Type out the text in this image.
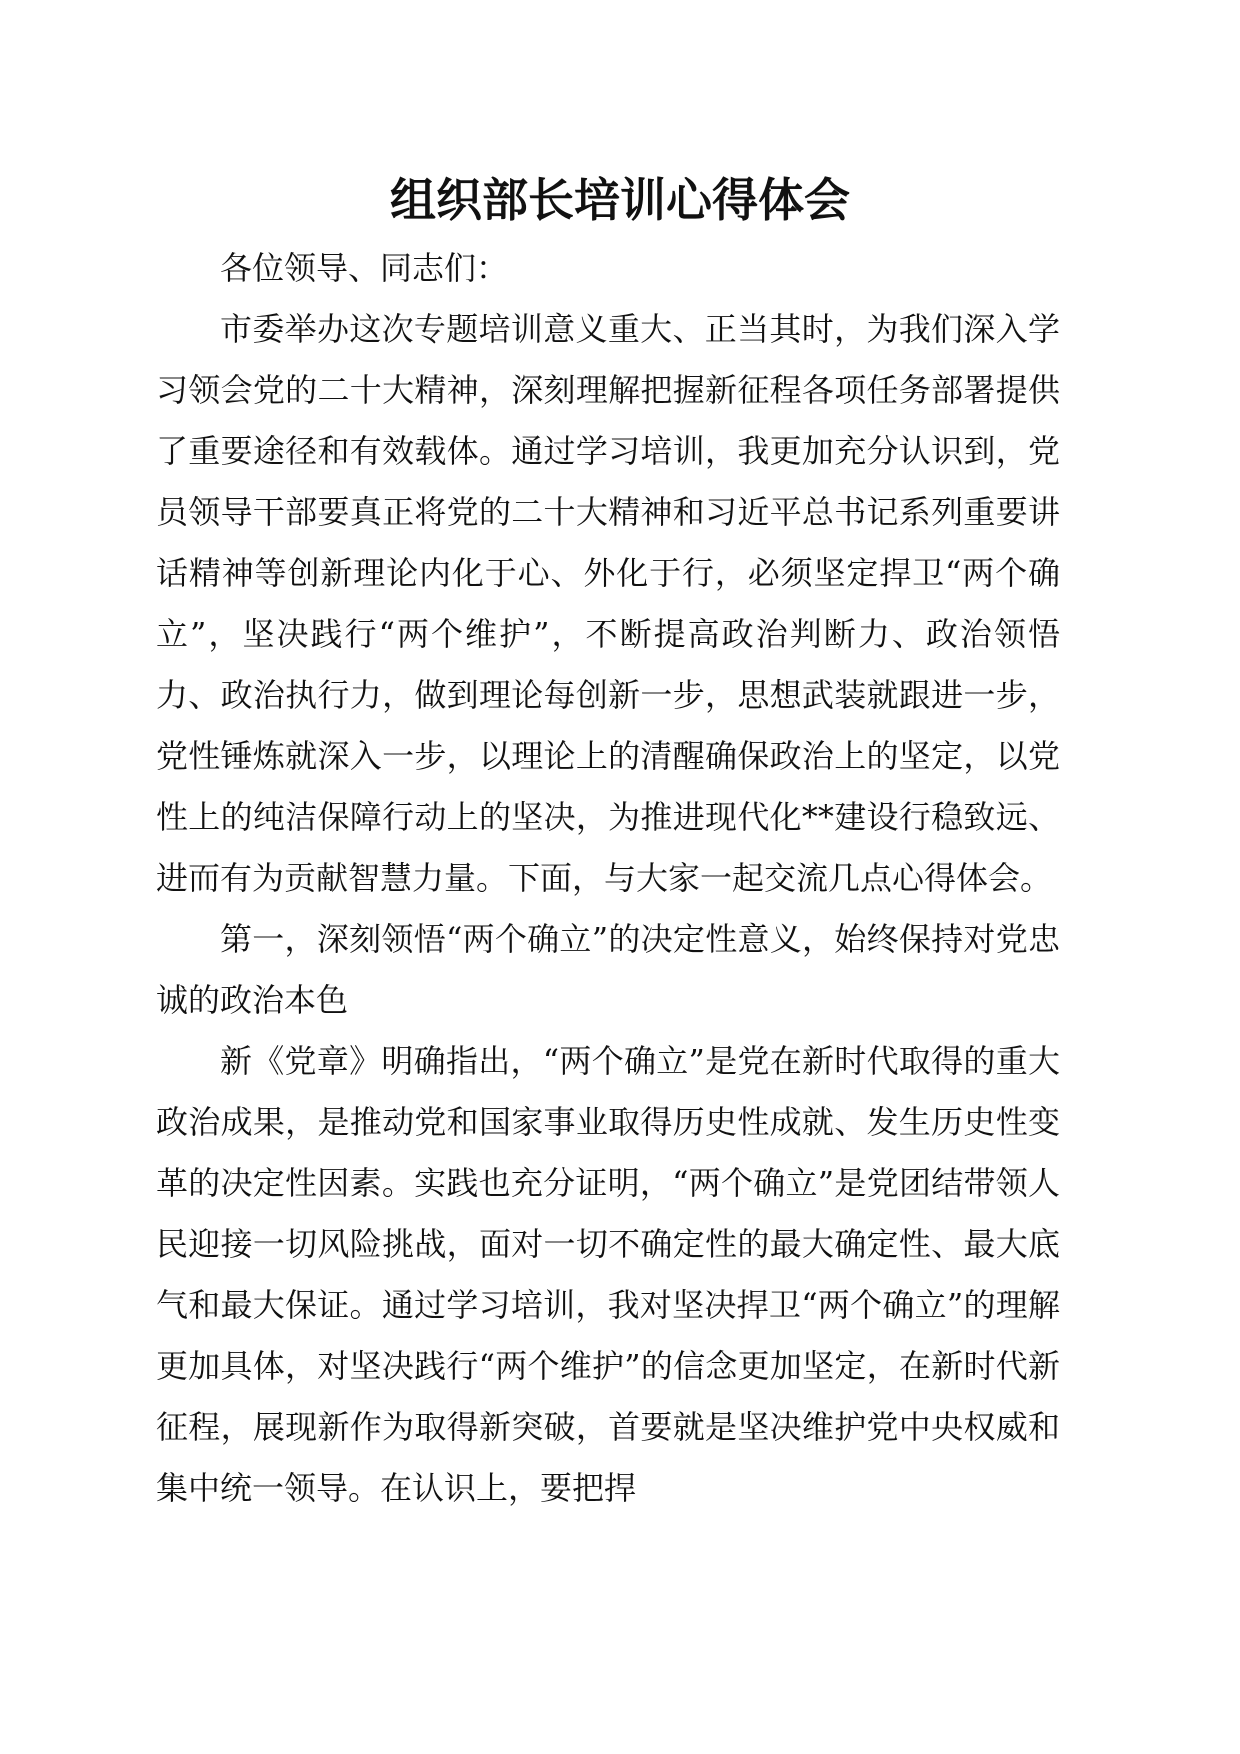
组织部长培训心得体会

各位领导、同志们：

市委举办这次专题培训意义重大、正当其时，为我们深入学习领会党的二十大精神，深刻理解把握新征程各项任务部署提供了重要途径和有效载体。通过学习培训，我更加充分认识到，党员领导干部要真正将党的二十大精神和习近平总书记系列重要讲话精神等创新理论内化于心、外化于行，必须坚定捍卫“两个确立”，坚决践行“两个维护”，不断提高政治判断力、政治领悟力、政治执行力，做到理论每创新一步，思想武装就跟进一步，党性锤炼就深入一步，以理论上的清醒确保政治上的坚定，以党性上的纯洁保障行动上的坚决，为推进现代化**建设行稳致远、进而有为贡献智慧力量。下面，与大家一起交流几点心得体会。

第一，深刻领悟“两个确立”的决定性意义，始终保持对党忠诚的政治本色

新《党章》明确指出，“两个确立”是党在新时代取得的重大政治成果，是推动党和国家事业取得历史性成就、发生历史性变革的决定性因素。实践也充分证明，“两个确立”是党团结带领人民迎接一切风险挑战，面对一切不确定性的最大确定性、最大底气和最大保证。通过学习培训，我对坚决捍卫“两个确立”的理解更加具体，对坚决践行“两个维护”的信念更加坚定，在新时代新征程，展现新作为取得新突破，首要就是坚决维护党中央权威和集中统一领导。在认识上，要把捍
